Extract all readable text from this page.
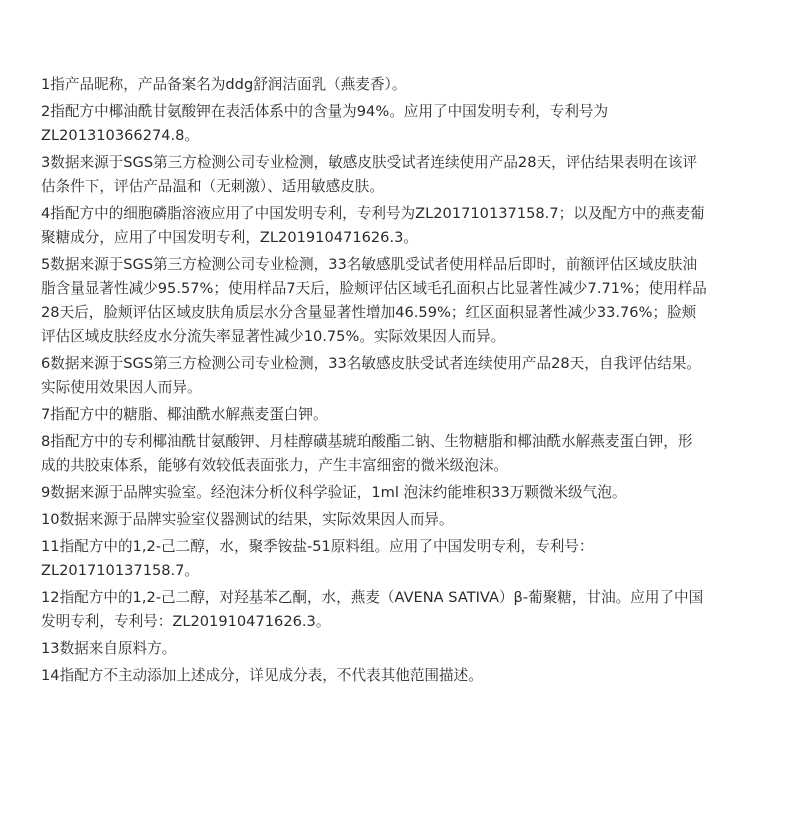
1指产品昵称，产品备案名为ddg舒润洁面乳（燕麦香）。

2指配方中椰油酰甘氨酸钾在表活体系中的含量为94%。应用了中国发明专利，专利号为
ZL201310366274.8。

3数据来源于SGS第三方检测公司专业检测，敏感皮肤受试者连续使用产品28天，评估结果表明在该评
估条件下，评估产品温和（无刺激）、适用敏感皮肤。

4指配方中的细胞磷脂溶液应用了中国发明专利，专利号为ZL201710137158.7；以及配方中的燕麦葡
聚糖成分，应用了中国发明专利，ZL201910471626.3。

5数据来源于SGS第三方检测公司专业检测，33名敏感肌受试者使用样品后即时，前额评估区域皮肤油
脂含量显著性减少95.57%；使用样品7天后，脸颊评估区域毛孔面积占比显著性减少7.71%；使用样品
28天后，脸颊评估区域皮肤角质层水分含量显著性增加46.59%；红区面积显著性减少33.76%；脸颊
评估区域皮肤经皮水分流失率显著性减少10.75%。实际效果因人而异。

6数据来源于SGS第三方检测公司专业检测，33名敏感皮肤受试者连续使用产品28天，自我评估结果。
实际使用效果因人而异。

7指配方中的糖脂、椰油酰水解燕麦蛋白钾。

8指配方中的专利椰油酰甘氨酸钾、月桂醇磺基琥珀酸酯二钠、生物糖脂和椰油酰水解燕麦蛋白钾，形
成的共胶束体系，能够有效较低表面张力，产生丰富细密的微米级泡沫。

9数据来源于品牌实验室。经泡沫分析仪科学验证，1ml 泡沫约能堆积33万颗微米级气泡。

10数据来源于品牌实验室仪器测试的结果，实际效果因人而异。

11指配方中的1,2-己二醇，水，聚季铵盐-51原料组。应用了中国发明专利，专利号：
ZL201710137158.7。

12指配方中的1,2-己二醇，对羟基苯乙酮，水，燕麦（AVENA SATIVA）β-葡聚糖，甘油。应用了中国
发明专利，专利号：ZL201910471626.3。

13数据来自原料方。

14指配方不主动添加上述成分，详见成分表，不代表其他范围描述。
